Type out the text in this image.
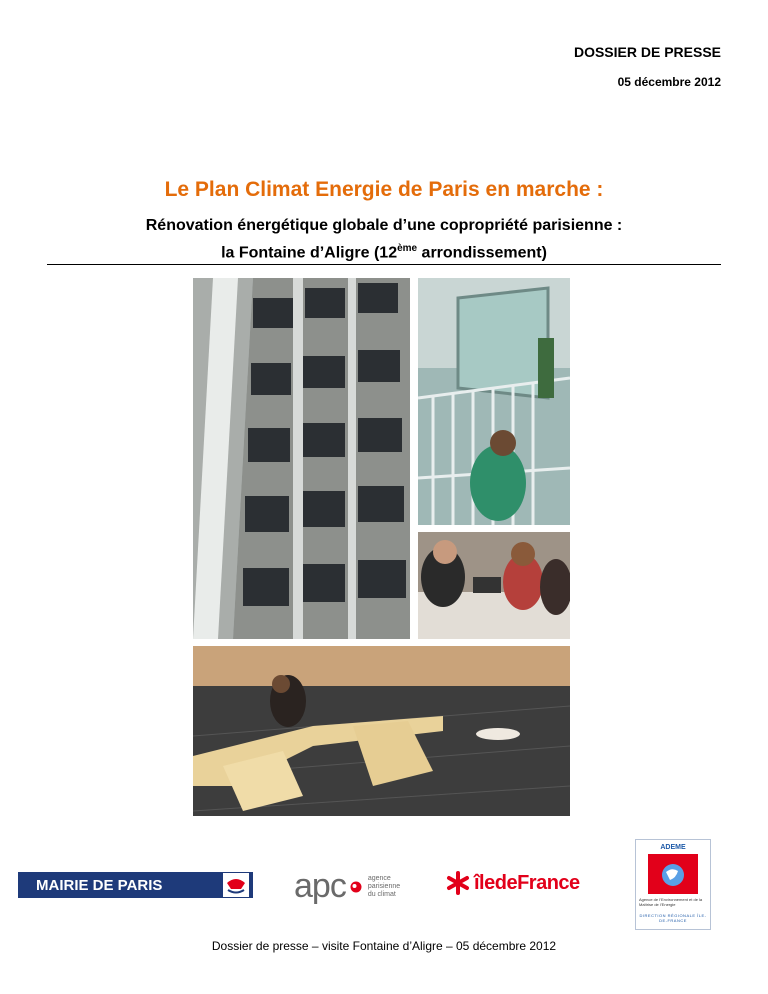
DOSSIER DE PRESSE
05 décembre 2012
Le Plan Climat Energie de Paris en marche :
Rénovation énergétique globale d’une copropriété parisienne :
la Fontaine d’Aligre (12ème arrondissement)
MAIRIE DE PARIS	apc	agence
parisienne
du climat
îledeFrance
ADEME
Agence de l’Environnement et de la Maîtrise de l’Energie
DIRECTION RÉGIONALE ÎLE-DE-FRANCE
Dossier de presse – visite Fontaine d’Aligre – 05 décembre 2012
